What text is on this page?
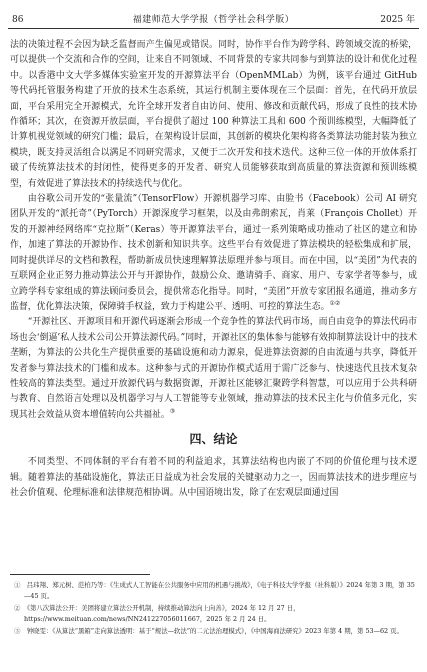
86	福建师范大学学报（哲学社会科学版）	2025 年

法的决策过程不会因为缺乏监督而产生偏见或错误。同时，协作平台作为跨学科、跨领域交流的桥梁，可以提供一个交流和合作的空间，让来自不同领域、不同背景的专家共同参与到算法的设计和优化过程中。以香港中文大学多媒体实验室开发的开源算法平台（OpenMMLab）为例，该平台通过 GitHub 等代码托管服务构建了开放的技术生态系统，其运行机制主要体现在三个层面：首先，在代码开放层面，平台采用完全开源模式，允许全球开发者自由访问、使用、修改和贡献代码，形成了良性的技术协作循环；其次，在资源开放层面，平台提供了超过 100 种算法工具和 600 个预训练模型，大幅降低了计算机视觉领域的研究门槛；最后，在架构设计层面，其创新的模块化架构将各类算法功能封装为独立模块，既支持灵活组合以满足不同研究需求，又便于二次开发和技术迭代。这种三位一体的开放体系打破了传统算法技术的封闭性，使得更多的开发者、研究人员能够获取到高质量的算法资源和预训练模型，有效促进了算法技术的持续迭代与优化。

由谷歌公司开发的“张量流”（TensorFlow）开源机器学习库、由脸书（Facebook）公司 AI 研究团队开发的“派托奇”（PyTorch）开源深度学习框架，以及由弗朗索瓦，肖莱（François Chollet）开发的开源神经网络库“克拉斯”（Keras）等开源算法平台，通过一系列策略成功推动了社区的建立和协作，加速了算法的开源协作、技术创新和知识共享。这些平台有效促进了算法模块的轻松集成和扩展，同时提供详尽的文档和教程，帮助新成员快速理解算法原理并参与项目。而在中国，以“美团”为代表的互联网企业正努力推动算法公开与开源协作，鼓励公众、邀请骑手、商家、用户、专家学者等参与，成立跨学科专家组成的算法顾问委员会，提供常态化指导。同时，“美团”开放专家团报名通道，推动多方监督，优化算法决策，保障骑手权益，致力于构建公平、透明、可控的算法生态。①②

“开源社区、开源项目和开源代码逐渐会形成一个竞争性的算法代码市场，而自由竞争的算法代码市场也会‘倒逼’私人技术公司公开算法源代码。”同时，开源社区的集体参与能够有效抑制算法设计中的技术垄断，为算法的公共化生产提供重要的基础设施和动力源泉，促进算法资源的自由流通与共享，降低开发者参与算法技术的门槛和成本。这种参与式的开源协作模式适用于需广泛参与、快速迭代且技术复杂性较高的算法类型。通过开放源代码与数据资源，开源社区能够汇聚跨学科智慧，可以应用于公共科研与教育、自然语言处理以及机器学习与人工智能等专业领域，推动算法的技术民主化与价值多元化，实现其社会效益从资本增值转向公共福祉。③

四、结论

不同类型、不同体制的平台有着不同的利益追求，其算法结构也内嵌了不同的价值伦理与技术逻辑。随着算法的基础设施化，算法正日益成为社会发展的关键驱动力之一，因而算法技术的进步理应与社会价值观、伦理标准和法律规范相协调。从中国语境出发，除了在宏观层面通过国

①　吕玮翔、郑元树、范柏乃等：《生成式人工智能在公共服务中应用的机遇与挑战》，《电子科技大学学报（社科版）》2024 年第 3 期，第 35—45 页。

②　《第八次算法公开：美团将建立算法公开机制，持续推动算法向上向善》，2024 年 12 月 27 日，https://www.meituan.com/news/NN241227056011667，2025 年 2 月 24 日。

③　钟晓雯：《从算法“黑箱”走向算法透明：基于“规法—软法”的二元法治理模式》，《中国海商法研究》2023 年第 4 期，第 53—62 页。
